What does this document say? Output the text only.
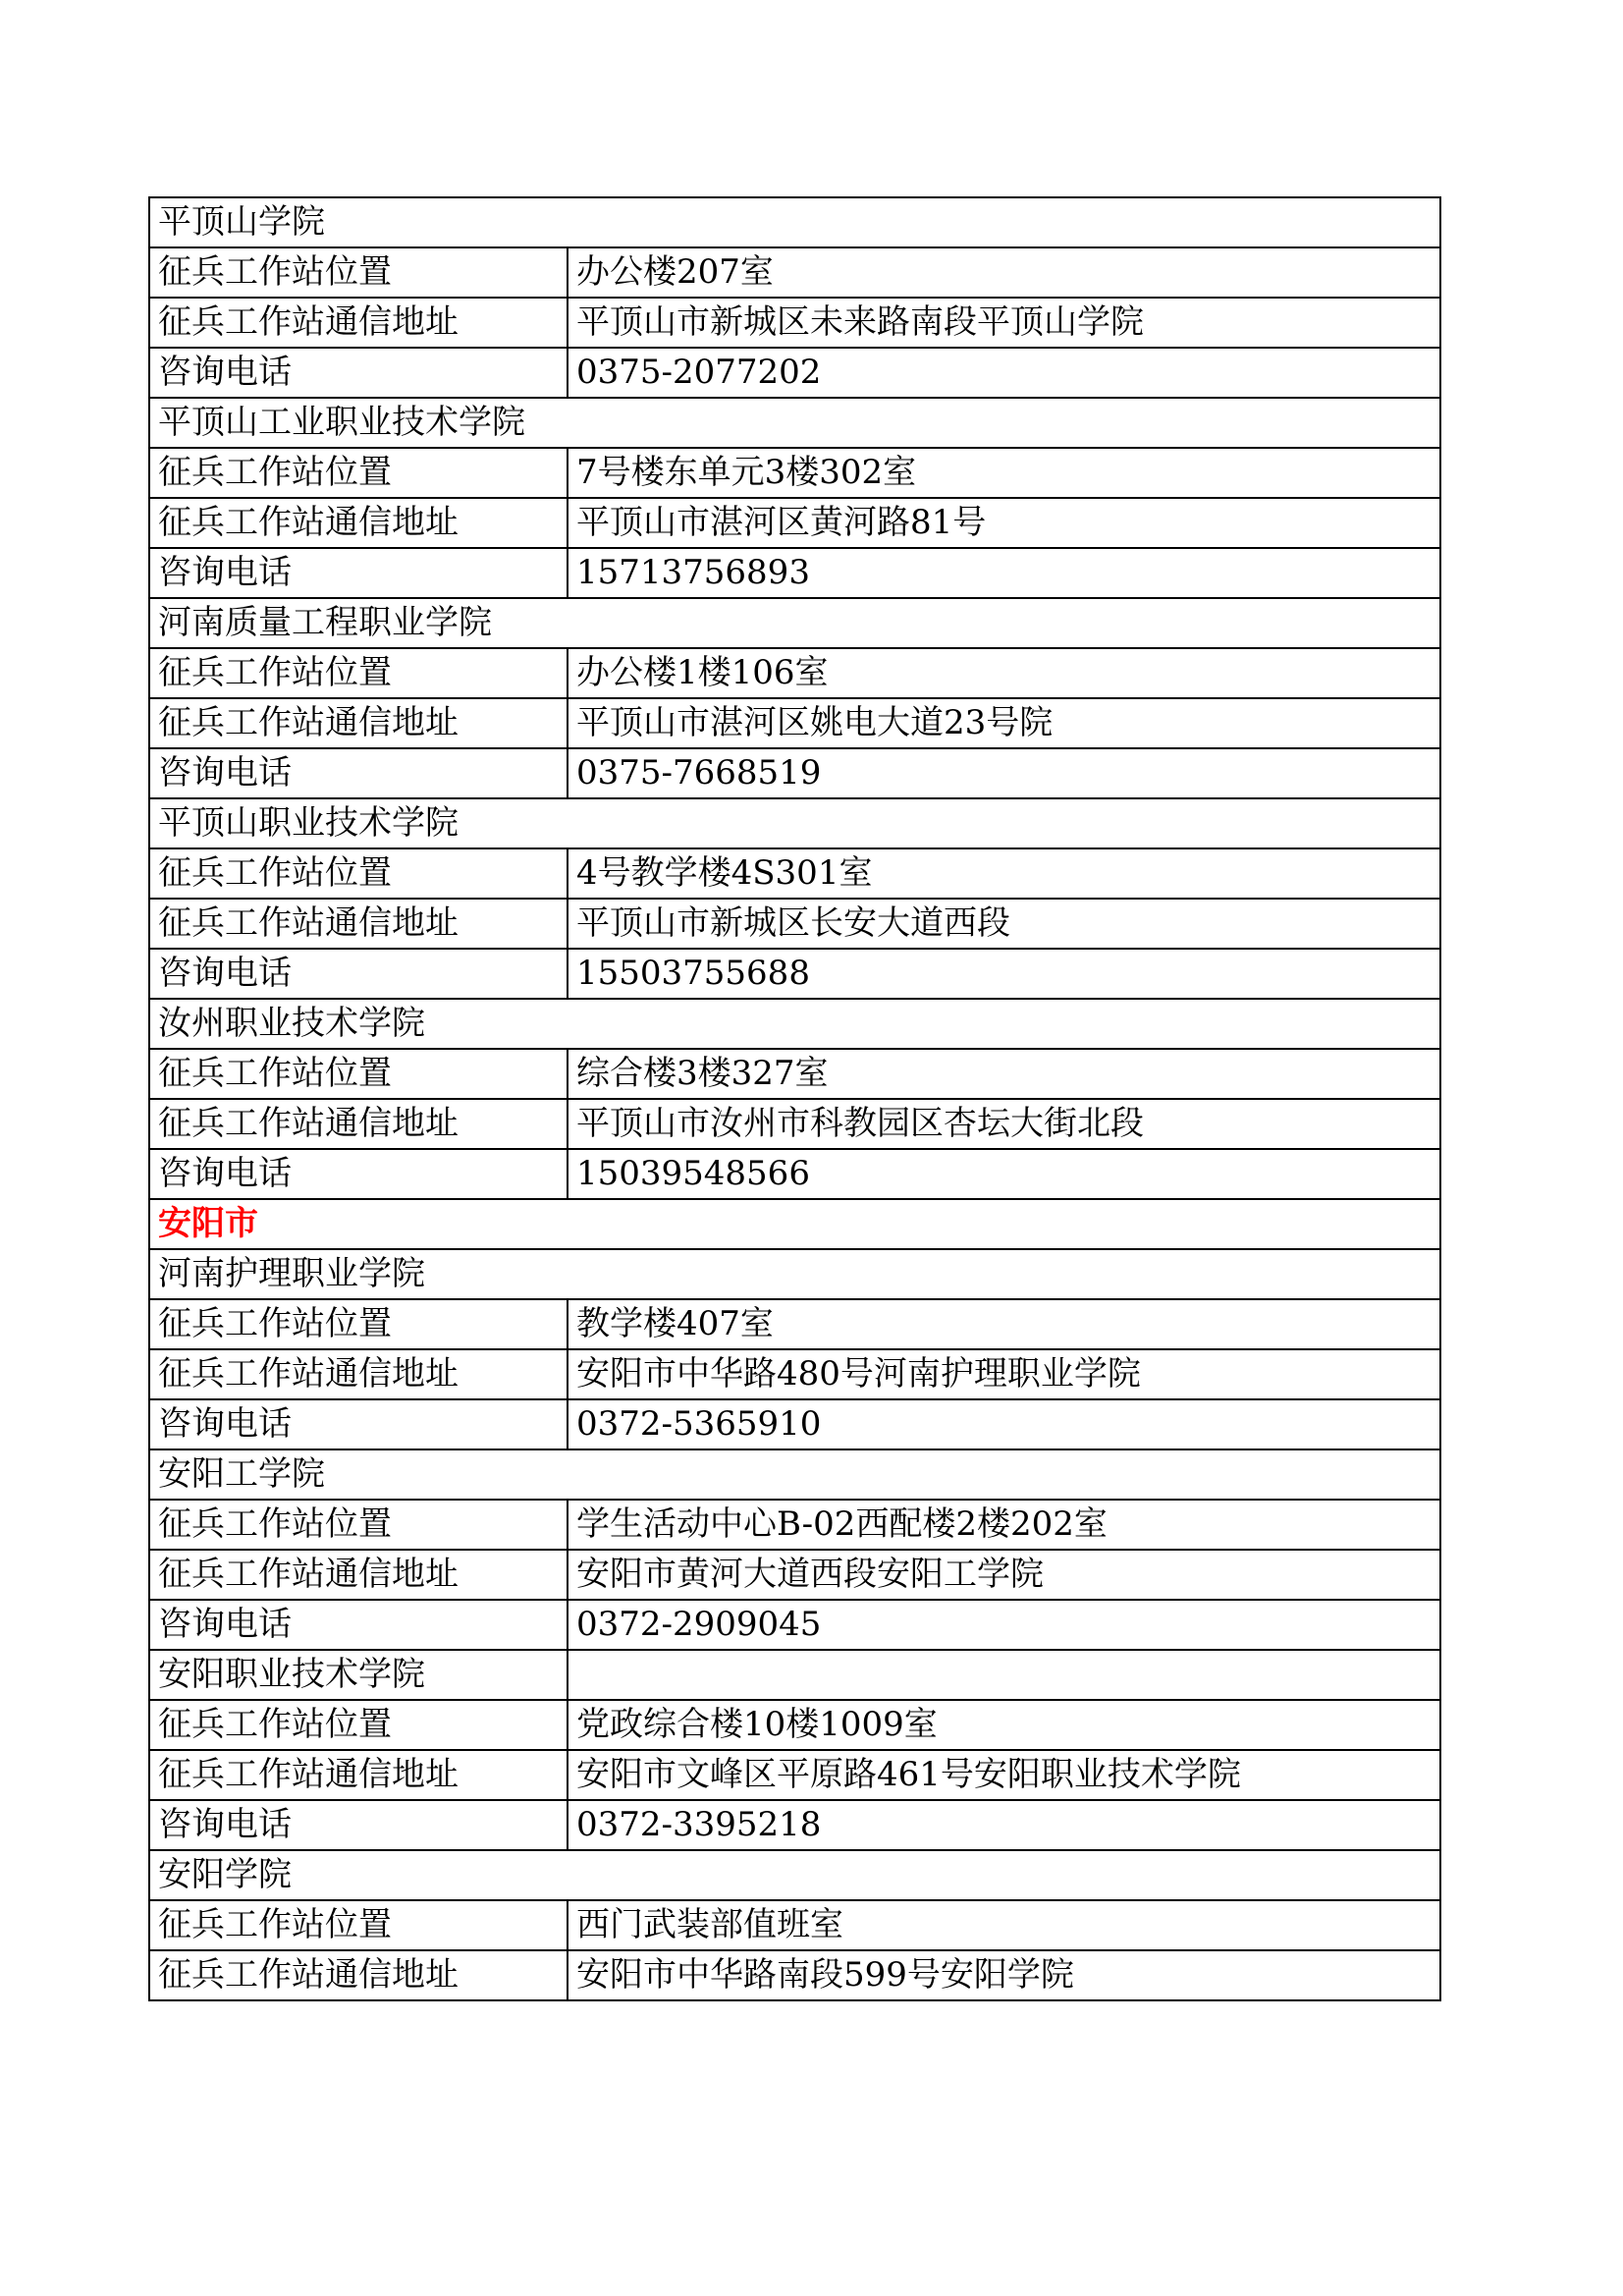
平顶山学院	
征兵工作站位置	办公楼207室
征兵工作站通信地址	平顶山市新城区未来路南段平顶山学院
咨询电话	0375-2077202
平顶山工业职业技术学院	
征兵工作站位置	7号楼东单元3楼302室
征兵工作站通信地址	平顶山市湛河区黄河路81号
咨询电话	15713756893
河南质量工程职业学院	
征兵工作站位置	办公楼1楼106室
征兵工作站通信地址	平顶山市湛河区姚电大道23号院
咨询电话	0375-7668519
平顶山职业技术学院	
征兵工作站位置	4号教学楼4S301室
征兵工作站通信地址	平顶山市新城区长安大道西段
咨询电话	15503755688
汝州职业技术学院	
征兵工作站位置	综合楼3楼327室
征兵工作站通信地址	平顶山市汝州市科教园区杏坛大街北段
咨询电话	15039548566
安阳市	
河南护理职业学院	
征兵工作站位置	教学楼407室
征兵工作站通信地址	安阳市中华路480号河南护理职业学院
咨询电话	0372-5365910
安阳工学院	
征兵工作站位置	学生活动中心B-02西配楼2楼202室
征兵工作站通信地址	安阳市黄河大道西段安阳工学院
咨询电话	0372-2909045
安阳职业技术学院	
征兵工作站位置	党政综合楼10楼1009室
征兵工作站通信地址	安阳市文峰区平原路461号安阳职业技术学院
咨询电话	0372-3395218
安阳学院	
征兵工作站位置	西门武装部值班室
征兵工作站通信地址	安阳市中华路南段599号安阳学院
